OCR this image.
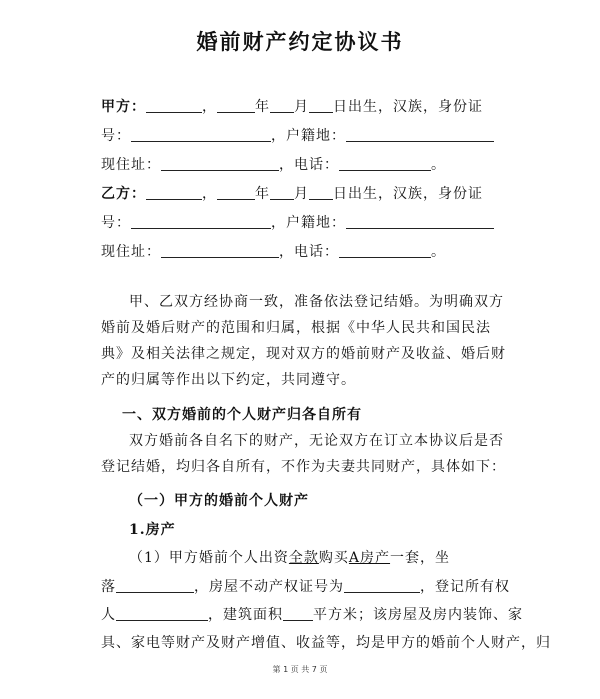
婚前财产约定协议书
甲方：	，	年 月 日出生，汉族，身份证
号：	，户籍地：
现住址：	，电话：	。
乙方：	，	年 月 日出生，汉族，身份证
号：	，户籍地：
现住址：	，电话：	。
甲、乙双方经协商一致，准备依法登记结婚。为明确双方婚前及婚后财产的范围和归属，根据《中华人民共和国民法典》及相关法律之规定，现对双方的婚前财产及收益、婚后财产的归属等作出以下约定，共同遵守。
一、双方婚前的个人财产归各自所有
双方婚前各自名下的财产，无论双方在订立本协议后是否登记结婚，均归各自所有，不作为夫妻共同财产，具体如下：
（一）甲方的婚前个人财产
1.房产
（1）甲方婚前个人出资全款购买A房产一套，坐
落	，房屋不动产权证号为	，登记所有权
人	，建筑面积 平方米；该房屋及房内装饰、家
具、家电等财产及财产增值、收益等，均是甲方的婚前个人财产，归
第 1 页 共 7 页
